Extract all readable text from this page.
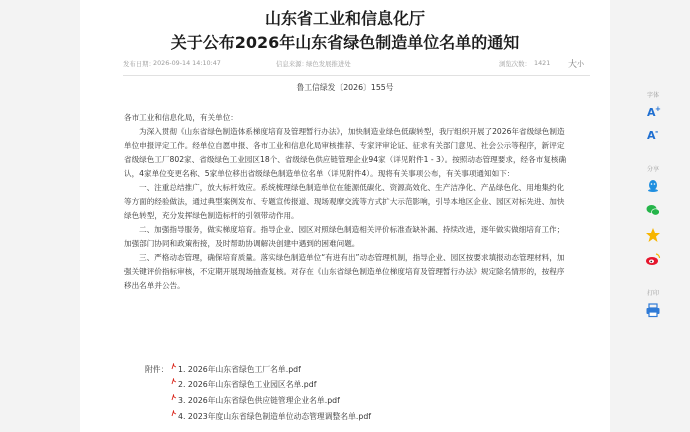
山东省工业和信息化厅
关于公布2026年山东省绿色制造单位名单的通知
发布日期：
2026-09-14 14:10:47	信息来源：
绿色发展推进处	浏览次数： 1421 大 小
鲁工信绿发〔2026〕155号

各市工业和信息化局，有关单位：

为深入贯彻《山东省绿色制造体系梯度培育及管理暂行办法》，加快制造业绿色低碳转型，我厅组织开展了2026年省级绿色制造单位申报评定工作。经单位自愿申报、各市工业和信息化局审核推荐、专家评审论证、征求有关部门意见、社会公示等程序，新评定省级绿色工厂802家、省级绿色工业园区18个、省级绿色供应链管理企业94家（详见附件1 - 3）。按照动态管理要求，经各市复核确认，4家单位变更名称、5家单位移出省级绿色制造单位名单（详见附件4）。现将有关事项公布，有关事项通知如下：

一、注重总结推广，放大标杆效应。系统梳理绿色制造单位在能源低碳化、资源高效化、生产洁净化、产品绿色化、用地集约化等方面的经验做法，通过典型案例发布、专题宣传报道、现场观摩交流等方式扩大示范影响，引导本地区企业、园区对标先进、加快绿色转型，充分发挥绿色制造标杆的引领带动作用。

二、加强指导服务，做实梯度培育。指导企业、园区对照绿色制造相关评价标准查缺补漏、持续改进，逐年做实做细培育工作；加强部门协同和政策衔接，及时帮助协调解决创建中遇到的困难问题。

三、严格动态管理，确保培育质量。落实绿色制造单位“有进有出”动态管理机制，指导企业、园区按要求填报动态管理材料，加强关键评价指标审核，不定期开展现场抽查复核。对存在《山东省绿色制造单位梯度培育及管理暂行办法》规定除名情形的，按程序移出名单并公告。

附件：	1. 2026年山东省绿色工厂名单.pdf
2. 2026年山东省绿色工业园区名单.pdf
3. 2026年山东省绿色供应链管理企业名单.pdf
4. 2023年度山东省绿色制造单位动态管理调整名单.pdf
字体
A +
A -
分享
打印
